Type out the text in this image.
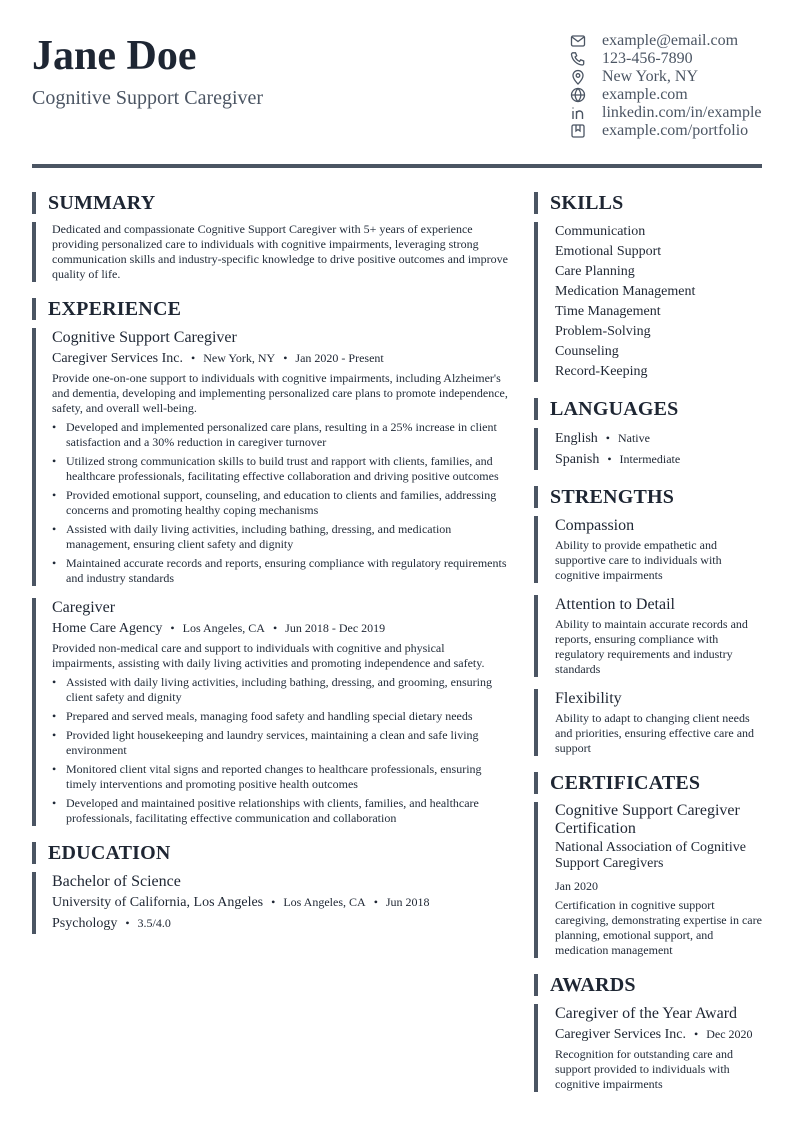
Jane Doe
Cognitive Support Caregiver
example@email.com
123-456-7890
New York, NY
example.com
linkedin.com/in/example
example.com/portfolio
SUMMARY
Dedicated and compassionate Cognitive Support Caregiver with 5+ years of experience providing personalized care to individuals with cognitive impairments, leveraging strong communication skills and industry-specific knowledge to drive positive outcomes and improve quality of life.
EXPERIENCE
Cognitive Support Caregiver
Caregiver Services Inc. • New York, NY • Jan 2020 - Present
Provide one-on-one support to individuals with cognitive impairments, including Alzheimer's and dementia, developing and implementing personalized care plans to promote independence, safety, and overall well-being.
• Developed and implemented personalized care plans, resulting in a 25% increase in client satisfaction and a 30% reduction in caregiver turnover
• Utilized strong communication skills to build trust and rapport with clients, families, and healthcare professionals, facilitating effective collaboration and driving positive outcomes
• Provided emotional support, counseling, and education to clients and families, addressing concerns and promoting healthy coping mechanisms
• Assisted with daily living activities, including bathing, dressing, and medication management, ensuring client safety and dignity
• Maintained accurate records and reports, ensuring compliance with regulatory requirements and industry standards
Caregiver
Home Care Agency • Los Angeles, CA • Jun 2018 - Dec 2019
Provided non-medical care and support to individuals with cognitive and physical impairments, assisting with daily living activities and promoting independence and safety.
• Assisted with daily living activities, including bathing, dressing, and grooming, ensuring client safety and dignity
• Prepared and served meals, managing food safety and handling special dietary needs
• Provided light housekeeping and laundry services, maintaining a clean and safe living environment
• Monitored client vital signs and reported changes to healthcare professionals, ensuring timely interventions and promoting positive health outcomes
• Developed and maintained positive relationships with clients, families, and healthcare professionals, facilitating effective communication and collaboration
EDUCATION
Bachelor of Science
University of California, Los Angeles • Los Angeles, CA • Jun 2018
Psychology • 3.5/4.0
SKILLS
Communication
Emotional Support
Care Planning
Medication Management
Time Management
Problem-Solving
Counseling
Record-Keeping
LANGUAGES
English • Native
Spanish • Intermediate
STRENGTHS
Compassion
Ability to provide empathetic and supportive care to individuals with cognitive impairments
Attention to Detail
Ability to maintain accurate records and reports, ensuring compliance with regulatory requirements and industry standards
Flexibility
Ability to adapt to changing client needs and priorities, ensuring effective care and support
CERTIFICATES
Cognitive Support Caregiver Certification
National Association of Cognitive Support Caregivers
Jan 2020
Certification in cognitive support caregiving, demonstrating expertise in care planning, emotional support, and medication management
AWARDS
Caregiver of the Year Award
Caregiver Services Inc. • Dec 2020
Recognition for outstanding care and support provided to individuals with cognitive impairments
